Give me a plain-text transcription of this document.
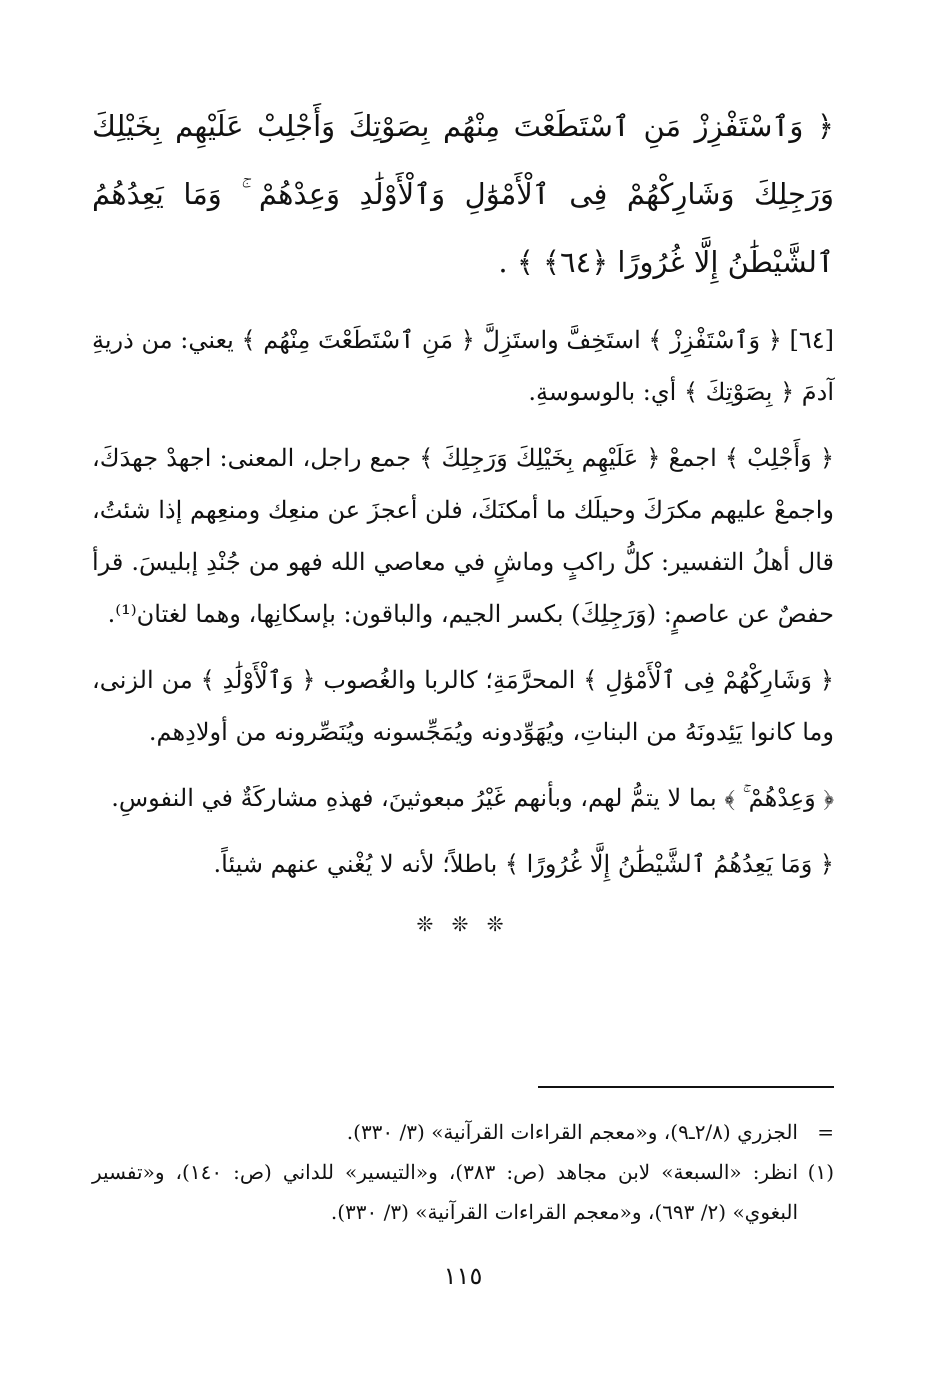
﴿ وَٱسْتَفْزِزْ مَنِ ٱسْتَطَعْتَ مِنْهُم بِصَوْتِكَ وَأَجْلِبْ عَلَيْهِم بِخَيْلِكَ وَرَجِلِكَ وَشَارِكْهُمْ فِى ٱلْأَمْوَٰلِ وَٱلْأَوْلَٰدِ وَعِدْهُمْ ۚ وَمَا يَعِدُهُمُ ٱلشَّيْطَٰنُ إِلَّا غُرُورًا ﴿٦٤﴾ ﴾ .

[٦٤] ﴿ وَٱسْتَفْزِزْ ﴾ استَخِفَّ واستَزِلَّ ﴿ مَنِ ٱسْتَطَعْتَ مِنْهُم ﴾ يعني: من ذريةِ آدمَ ﴿ بِصَوْتِكَ ﴾ أي: بالوسوسةِ.

﴿ وَأَجْلِبْ ﴾ اجمعْ ﴿ عَلَيْهِم بِخَيْلِكَ وَرَجِلِكَ ﴾ جمع راجل، المعنى: اجهدْ جهدَكَ، واجمعْ عليهم مكرَكَ وحيلَك ما أمكنَكَ، فلن أعجزَ عن منعِك ومنعِهم إذا شئتُ، قال أهلُ التفسير: كلُّ راكبٍ وماشٍ في معاصي الله فهو من جُنْدِ إبليسَ. قرأ حفصٌ عن عاصمٍ: (وَرَجِلِكَ) بكسر الجيم، والباقون: بإسكانِها، وهما لغتان⁽¹⁾.

﴿ وَشَارِكْهُمْ فِى ٱلْأَمْوَٰلِ ﴾ المحرَّمَةِ؛ كالربا والغُصوب ﴿ وَٱلْأَوْلَٰدِ ﴾ من الزنى، وما كانوا يَئِدونَهُ من البناتِ، ويُهَوِّدونه ويُمَجِّسونه ويُنَصِّرونه من أولادِهم.

﴿ وَعِدْهُمْ ۚ ﴾ بما لا يتمُّ لهم، وبأنهم غَيْرُ مبعوثينَ، فهذهِ مشاركَةٌ في النفوسِ.

﴿ وَمَا يَعِدُهُمُ ٱلشَّيْطَٰنُ إِلَّا غُرُورًا ﴾ باطلاً؛ لأنه لا يُغْني عنهم شيئاً.

❊ ❊ ❊
=
الجزري (٢/٨ـ٩)، و«معجم القراءات القرآنية» (٣/ ٣٣٠).
(١)
انظر: «السبعة» لابن مجاهد (ص: ٣٨٣)، و«التيسير» للداني (ص: ١٤٠)، و«تفسير البغوي» (٢/ ٦٩٣)، و«معجم القراءات القرآنية» (٣/ ٣٣٠).
١١٥
